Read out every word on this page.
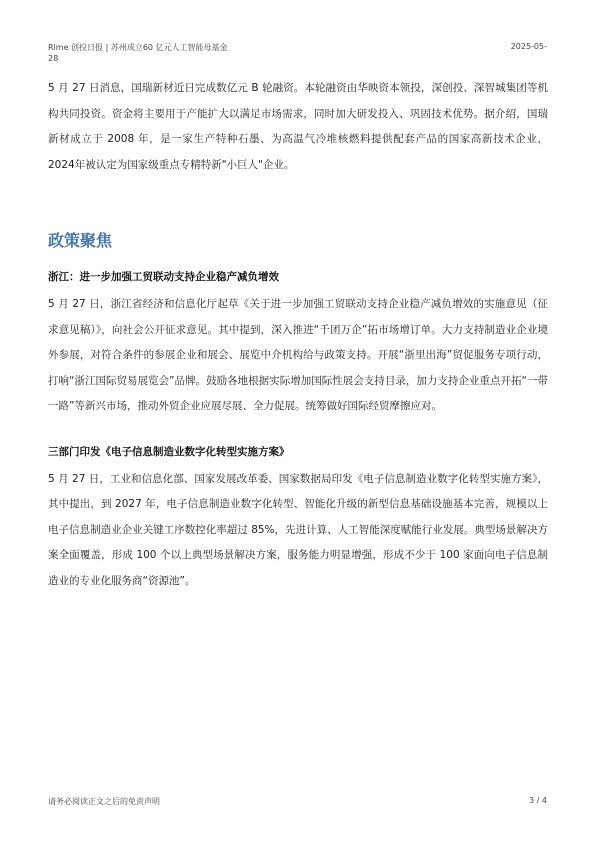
Rime 创投日报 | 苏州成立60 亿元人工智能母基金	2025-05-
28

5 月 27 日消息，国瑞新材近日完成数亿元 B 轮融资。本轮融资由华映资本领投，深创投、深智城集团等机构共同投资。资金将主要用于产能扩大以满足市场需求，同时加大研发投入、巩固技术优势。据介绍，国瑞新材成立于 2008 年，是一家生产特种石墨、为高温气冷堆核燃料提供配套产品的国家高新技术企业，2024年被认定为国家级重点专精特新"小巨人"企业。

政策聚焦
浙江：进一步加强工贸联动支持企业稳产减负增效

5 月 27 日，浙江省经济和信息化厅起草《关于进一步加强工贸联动支持企业稳产减负增效的实施意见（征求意见稿）》，向社会公开征求意见。其中提到，深入推进“千团万企”拓市场增订单。大力支持制造业企业境外参展，对符合条件的参展企业和展会、展览中介机构给与政策支持。开展“浙里出海”贸促服务专项行动，打响“浙江国际贸易展览会”品牌。鼓励各地根据实际增加国际性展会支持目录，加力支持企业重点开拓“一带一路”等新兴市场，推动外贸企业应展尽展、全力促展。统筹做好国际经贸摩擦应对。

三部门印发《电子信息制造业数字化转型实施方案》

5 月 27 日，工业和信息化部、国家发展改革委、国家数据局印发《电子信息制造业数字化转型实施方案》，其中提出，到 2027 年，电子信息制造业数字化转型、智能化升级的新型信息基础设施基本完善，规模以上电子信息制造业企业关键工序数控化率超过 85%，先进计算、人工智能深度赋能行业发展。典型场景解决方案全面覆盖，形成 100 个以上典型场景解决方案，服务能力明显增强，形成不少于 100 家面向电子信息制造业的专业化服务商“资源池”。

请务必阅读正文之后的免责声明	3 / 4
